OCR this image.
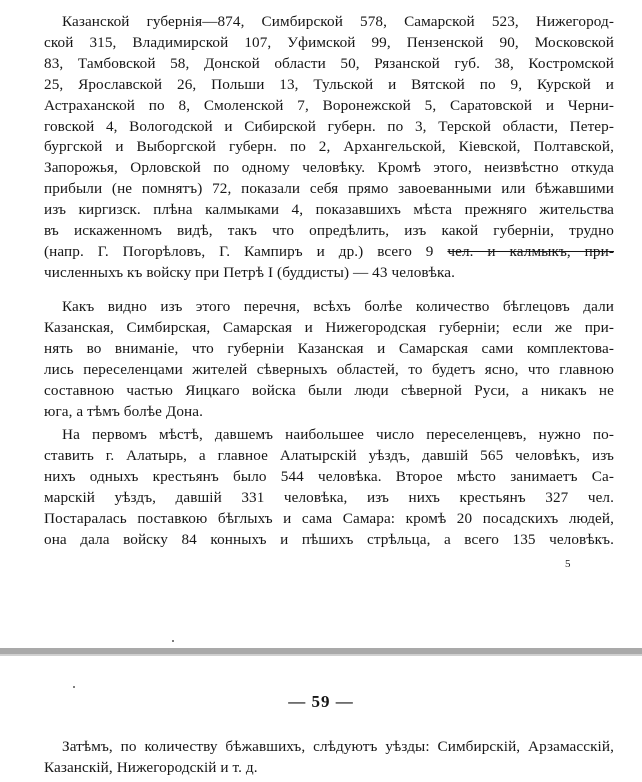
Казанской губернія—874, Симбирской 578, Самарской 523, Нижегород-
ской 315, Владимирской 107, Уфимской 99, Пензенской 90, Московской
83, Тамбовской 58, Донской области 50, Рязанской губ. 38, Костромской
25, Ярославской 26, Польши 13, Тульской и Вятской по 9, Курской и
Астраханской по 8, Смоленской 7, Воронежской 5, Саратовской и Черни-
говской 4, Вологодской и Сибирской губерн. по 3, Терской области, Петер-
бургской и Выборгской губерн. по 2, Архангельской, Кіевской, Полтавской,
Запорожья, Орловской по одному человѣку. Кромѣ этого, неизвѣстно откуда
прибыли (не помнятъ) 72, показали себя прямо завоеванными или бѣжавшими
изъ киргизск. плѣна калмыками 4, показавшихъ мѣста прежняго жительства
въ искаженномъ видѣ, такъ что опредѣлить, изъ какой губерніи, трудно
(напр. Г. Погорѣловъ, Г. Кампиръ и др.) всего 9 чел. и калмыкъ, при-
численныхъ къ войску при Петрѣ I (буддисты) — 43 человѣка.
Какъ видно изъ этого перечня, всѣхъ болѣе количество бѣглецовъ дали
Казанская, Симбирская, Самарская и Нижегородская губерніи; если же при-
нять во вниманіе, что губерніи Казанская и Самарская сами комплектова-
лись переселенцами жителей сѣверныхъ областей, то будетъ ясно, что главною
составною частью Яицкаго войска были люди сѣверной Руси, а никакъ не
юга, а тѣмъ болѣе Дона.
На первомъ мѣстѣ, давшемъ наибольшее число переселенцевъ, нужно по-
ставить г. Алатырь, а главное Алатырскій уѣздъ, давшій 565 человѣкъ, изъ
нихъ одныхъ крестьянъ было 544 человѣка. Второе мѣсто занимаетъ Са-
марскій уѣздъ, давшій 331 человѣка, изъ нихъ крестьянъ 327 чел.
Постаралась поставкою бѣглыхъ и сама Самара: кромѣ 20 посадскихъ людей,
она дала войску 84 конныхъ и пѣшихъ стрѣльца, а всего 135 человѣкъ.
5
— 59 —
Затѣмъ, по количеству бѣжавшихъ, слѣдуютъ уѣзды: Симбирскій, Арзамасскій,
Казанскій, Нижегородскій и т. д.
